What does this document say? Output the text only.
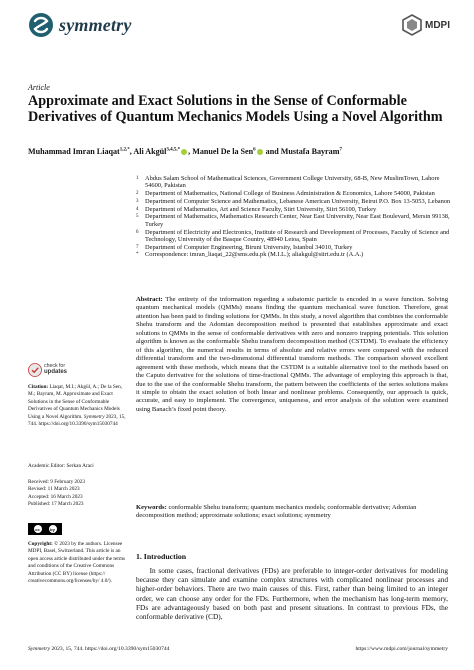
symmetry	MDPI
Article
Approximate and Exact Solutions in the Sense of Conformable Derivatives of Quantum Mechanics Models Using a Novel Algorithm
Muhammad Imran Liaqat$^{1,2,*}$, Ali Akgül$^{3,4,5,*}$ , Manuel De la Sen$^6$ and Mustafa Bayram$^7$
1	Abdus Salam School of Mathematical Sciences, Government College University, 68-B, New MuslimTown, Lahore 54600, Pakistan
2	Department of Mathematics, National College of Business Administration & Economics, Lahore 54000, Pakistan
3	Department of Computer Science and Mathematics, Lebanese American University, Beirut P.O. Box 13-5053, Lebanon
4	Department of Mathematics, Art and Science Faculty, Siirt University, Siirt 56100, Turkey
5	Department of Mathematics, Mathematics Research Center, Near East University, Near East Boulevard, Mersin 99138, Turkey
6	Department of Electricity and Electronics, Institute of Research and Development of Processes, Faculty of Science and Technology, University of the Basque Country, 48940 Leioa, Spain
7	Department of Computer Engineering, Biruni University, Istanbul 34010, Turkey
*	Correspondence: imran_liaqat_22@sms.edu.pk (M.I.L.); aliakgul@siirt.edu.tr (A.A.)

Abstract: The entirety of the information regarding a subatomic particle is encoded in a wave function. Solving quantum mechanical models (QMMs) means finding the quantum mechanical wave function. Therefore, great attention has been paid to finding solutions for QMMs. In this study, a novel algorithm that combines the conformable Shehu transform and the Adomian decomposition method is presented that establishes approximate and exact solutions to QMMs in the sense of conformable derivatives with zero and nonzero trapping potentials. This solution algorithm is known as the conformable Shehu transform decomposition method (CSTDM). To evaluate the efficiency of this algorithm, the numerical results in terms of absolute and relative errors were compared with the reduced differential transform and the two-dimensional differential transform methods. The comparison showed excellent agreement with these methods, which means that the CSTDM is a suitable alternative tool to the methods based on the Caputo derivative for the solutions of time-fractional QMMs. The advantage of employing this approach is that, due to the use of the conformable Shehu transform, the pattern between the coefficients of the series solutions makes it simple to obtain the exact solution of both linear and nonlinear problems. Consequently, our approach is quick, accurate, and easy to implement. The convergence, uniqueness, and error analysis of the solution were examined using Banach’s fixed point theory.

Keywords: conformable Shehu transform; quantum mechanics models; conformable derivative; Adomian decomposition method; approximate solutions; exact solutions; symmetry

check for
updates

Citation: Liaqat, M.I.; Akgül, A.; De la Sen, M.; Bayram, M. Approximate and Exact Solutions in the Sense of Conformable Derivatives of Quantum Mechanics Models Using a Novel Algorithm. Symmetry 2023, 15, 744. https://doi.org/10.3390/sym15030744

Academic Editor: Serkan Araci

Received: 9 February 2023
Revised: 11 March 2023
Accepted: 16 March 2023
Published: 17 March 2023
cc	by

Copyright: © 2023 by the authors. Licensee MDPI, Basel, Switzerland. This article is an open access article distributed under the terms and conditions of the Creative Commons Attribution (CC BY) license (https:// creativecommons.org/licenses/by/ 4.0/).

1. Introduction

In some cases, fractional derivatives (FDs) are preferable to integer-order derivatives for modeling because they can simulate and examine complex structures with complicated nonlinear processes and higher-order behaviors. There are two main causes of this. First, rather than being limited to an integer order, we can choose any order for the FDs. Furthermore, when the mechanism has long-term memory, FDs are advantageously based on both past and present situations. In contrast to previous FDs, the conformable derivative (CD),

Symmetry 2023, 15, 744. https://doi.org/10.3390/sym15030744	https://www.mdpi.com/journal/symmetry
